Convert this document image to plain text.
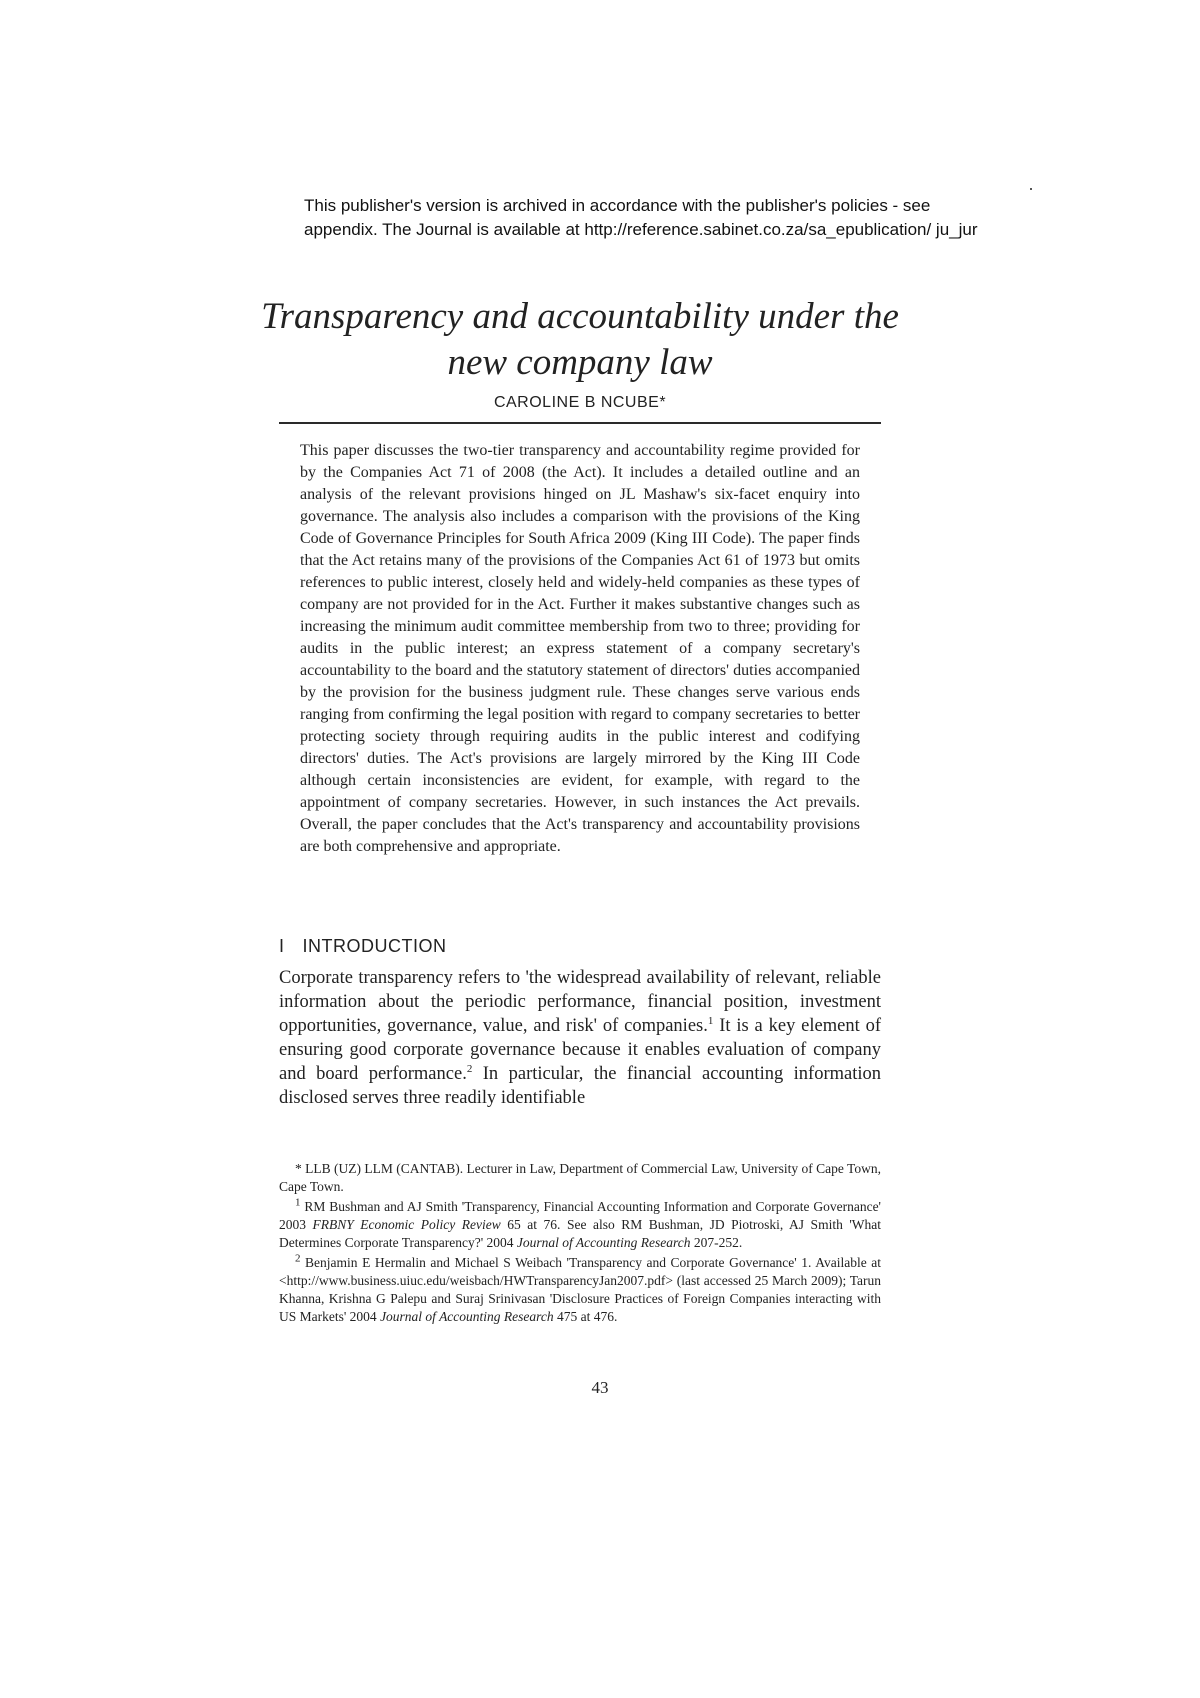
This publisher's version is archived in accordance with the publisher's policies - see appendix. The Journal is available at http://reference.sabinet.co.za/sa_epublication/ ju_jur
Transparency and accountability under the
new company law
CAROLINE B NCUBE*

This paper discusses the two-tier transparency and accountability regime provided for by the Companies Act 71 of 2008 (the Act). It includes a detailed outline and an analysis of the relevant provisions hinged on JL Mashaw's six-facet enquiry into governance. The analysis also includes a comparison with the provisions of the King Code of Governance Principles for South Africa 2009 (King III Code). The paper finds that the Act retains many of the provisions of the Companies Act 61 of 1973 but omits references to public interest, closely held and widely-held companies as these types of company are not provided for in the Act. Further it makes substantive changes such as increasing the minimum audit committee membership from two to three; providing for audits in the public interest; an express statement of a company secretary's accountability to the board and the statutory statement of directors' duties accompanied by the provision for the business judgment rule. These changes serve various ends ranging from confirming the legal position with regard to company secretaries to better protecting society through requiring audits in the public interest and codifying directors' duties. The Act's provisions are largely mirrored by the King III Code although certain inconsistencies are evident, for example, with regard to the appointment of company secretaries. However, in such instances the Act prevails. Overall, the paper concludes that the Act's transparency and accountability provisions are both comprehensive and appropriate.

I INTRODUCTION

Corporate transparency refers to 'the widespread availability of relevant, reliable information about the periodic performance, financial position, investment opportunities, governance, value, and risk' of companies.$^1$ It is a key element of ensuring good corporate governance because it enables evaluation of company and board performance.$^2$ In particular, the financial accounting information disclosed serves three readily identifiable

* LLB (UZ) LLM (CANTAB). Lecturer in Law, Department of Commercial Law, University of Cape Town, Cape Town.

$^1$ RM Bushman and AJ Smith 'Transparency, Financial Accounting Information and Corporate Governance' 2003 FRBNY Economic Policy Review 65 at 76. See also RM Bushman, JD Piotroski, AJ Smith 'What Determines Corporate Transparency?' 2004 Journal of Accounting Research 207-252.

$^2$ Benjamin E Hermalin and Michael S Weibach 'Transparency and Corporate Governance' 1. Available at <http://www.business.uiuc.edu/weisbach/HWTransparencyJan2007.pdf> (last accessed 25 March 2009); Tarun Khanna, Krishna G Palepu and Suraj Srinivasan 'Disclosure Practices of Foreign Companies interacting with US Markets' 2004 Journal of Accounting Research 475 at 476.

43
